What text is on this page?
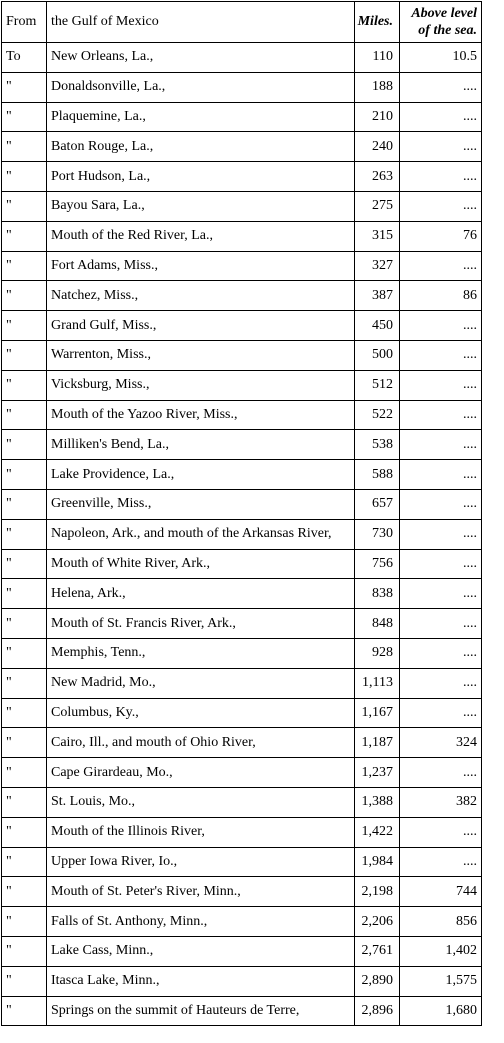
From	the Gulf of Mexico	Miles.	Above level
of the sea.

To	New Orleans, La.,	110	10.5
"	Donaldsonville, La.,	188	....
"	Plaquemine, La.,	210	....
"	Baton Rouge, La.,	240	....
"	Port Hudson, La.,	263	....
"	Bayou Sara, La.,	275	....
"	Mouth of the Red River, La.,	315	76
"	Fort Adams, Miss.,	327	....
"	Natchez, Miss.,	387	86
"	Grand Gulf, Miss.,	450	....
"	Warrenton, Miss.,	500	....
"	Vicksburg, Miss.,	512	....
"	Mouth of the Yazoo River, Miss.,	522	....
"	Milliken's Bend, La.,	538	....
"	Lake Providence, La.,	588	....
"	Greenville, Miss.,	657	....
"	Napoleon, Ark., and mouth of the Arkansas River,	730	....
"	Mouth of White River, Ark.,	756	....
"	Helena, Ark.,	838	....
"	Mouth of St. Francis River, Ark.,	848	....
"	Memphis, Tenn.,	928	....
"	New Madrid, Mo.,	1,113	....
"	Columbus, Ky.,	1,167	....
"	Cairo, Ill., and mouth of Ohio River,	1,187	324
"	Cape Girardeau, Mo.,	1,237	....
"	St. Louis, Mo.,	1,388	382
"	Mouth of the Illinois River,	1,422	....
"	Upper Iowa River, Io.,	1,984	....
"	Mouth of St. Peter's River, Minn.,	2,198	744
"	Falls of St. Anthony, Minn.,	2,206	856
"	Lake Cass, Minn.,	2,761	1,402
"	Itasca Lake, Minn.,	2,890	1,575
"	Springs on the summit of Hauteurs de Terre,	2,896	1,680
